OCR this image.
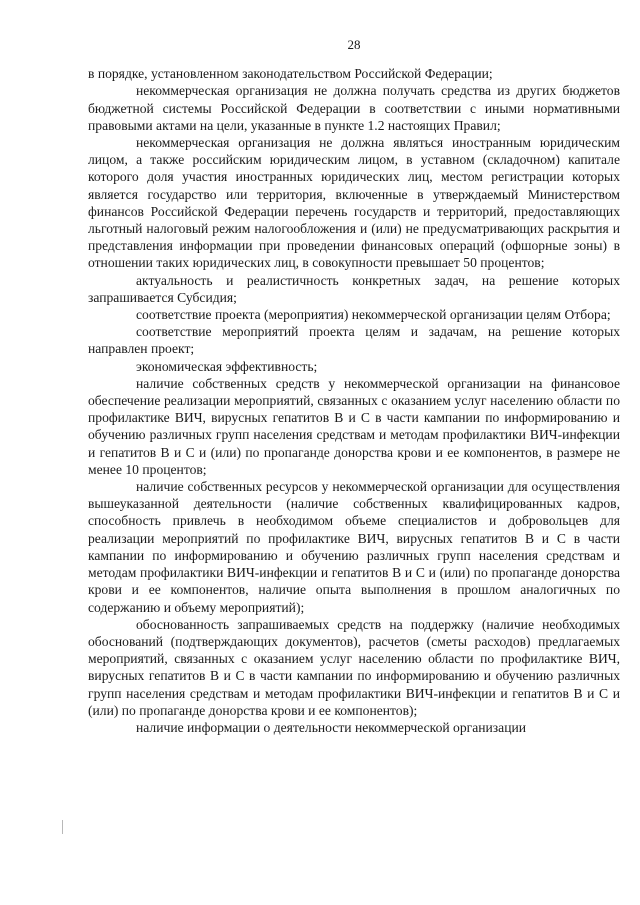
28

в порядке, установленном законодательством Российской Федерации;

некоммерческая организация не должна получать средства из других бюджетов бюджетной системы Российской Федерации в соответствии с иными нормативными правовыми актами на цели, указанные в пункте 1.2 настоящих Правил;

некоммерческая организация не должна являться иностранным юридическим лицом, а также российским юридическим лицом, в уставном (складочном) капитале которого доля участия иностранных юридических лиц, местом регистрации которых является государство или территория, включенные в утверждаемый Министерством финансов Российской Федерации перечень государств и территорий, предоставляющих льготный налоговый режим налогообложения и (или) не предусматривающих раскрытия и представления информации при проведении финансовых операций (офшорные зоны) в отношении таких юридических лиц, в совокупности превышает 50 процентов;

актуальность и реалистичность конкретных задач, на решение которых запрашивается Субсидия;

соответствие проекта (мероприятия) некоммерческой организации целям Отбора;

соответствие мероприятий проекта целям и задачам, на решение которых направлен проект;

экономическая эффективность;

наличие собственных средств у некоммерческой организации на финансовое обеспечение реализации мероприятий, связанных с оказанием услуг населению области по профилактике ВИЧ, вирусных гепатитов В и С в части кампании по информированию и обучению различных групп населения средствам и методам профилактики ВИЧ-инфекции и гепатитов В и С и (или) по пропаганде донорства крови и ее компонентов, в размере не менее 10 процентов;

наличие собственных ресурсов у некоммерческой организации для осуществления вышеуказанной деятельности (наличие собственных квалифицированных кадров, способность привлечь в необходимом объеме специалистов и добровольцев для реализации мероприятий по профилактике ВИЧ, вирусных гепатитов В и С в части кампании по информированию и обучению различных групп населения средствам и методам профилактики ВИЧ-инфекции и гепатитов В и С и (или) по пропаганде донорства крови и ее компонентов, наличие опыта выполнения в прошлом аналогичных по содержанию и объему мероприятий);

обоснованность запрашиваемых средств на поддержку (наличие необходимых обоснований (подтверждающих документов), расчетов (сметы расходов) предлагаемых мероприятий, связанных с оказанием услуг населению области по профилактике ВИЧ, вирусных гепатитов В и С в части кампании по информированию и обучению различных групп населения средствам и методам профилактики ВИЧ-инфекции и гепатитов В и С и (или) по пропаганде донорства крови и ее компонентов);

наличие информации о деятельности некоммерческой организации
